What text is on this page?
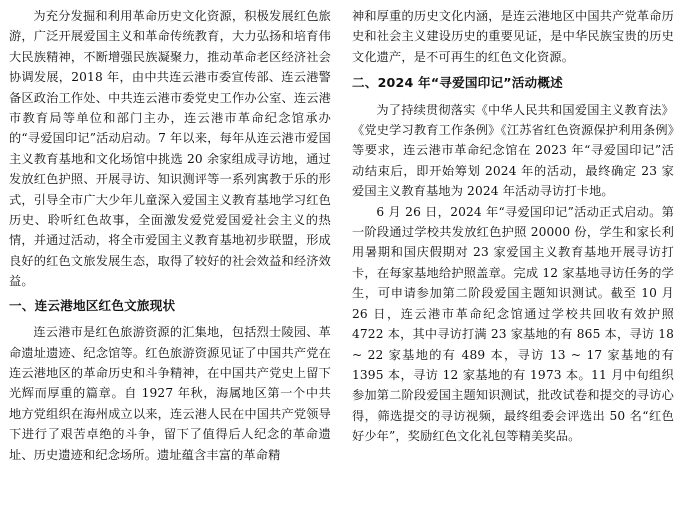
为充分发掘和利用革命历史文化资源，积极发展红色旅游，广泛开展爱国主义和革命传统教育，大力弘扬和培育伟大民族精神，不断增强民族凝聚力，推动革命老区经济社会协调发展，2018 年，由中共连云港市委宣传部、连云港警备区政治工作处、中共连云港市委党史工作办公室、连云港市教育局等单位和部门主办，连云港市革命纪念馆承办的“寻爱国印记”活动启动。7 年以来，每年从连云港市爱国主义教育基地和文化场馆中挑选 20 余家组成寻访地，通过发放红色护照、开展寻访、知识测评等一系列寓教于乐的形式，引导全市广大少年儿童深入爱国主义教育基地学习红色历史、聆听红色故事，全面激发爱党爱国爱社会主义的热情，并通过活动，将全市爱国主义教育基地初步联盟，形成良好的红色文旅发展生态，取得了较好的社会效益和经济效益。

一、连云港地区红色文旅现状

连云港市是红色旅游资源的汇集地，包括烈士陵园、革命遗址遗迹、纪念馆等。红色旅游资源见证了中国共产党在连云港地区的革命历史和斗争精神，在中国共产党史上留下光辉而厚重的篇章。自 1927 年秋，海属地区第一个中共地方党组织在海州成立以来，连云港人民在中国共产党领导下进行了艰苦卓绝的斗争，留下了值得后人纪念的革命遗址、历史遗迹和纪念场所。遗址蕴含丰富的革命精

神和厚重的历史文化内涵，是连云港地区中国共产党革命历史和社会主义建设历史的重要见证，是中华民族宝贵的历史文化遗产，是不可再生的红色文化资源。

二、2024 年“寻爱国印记”活动概述

为了持续贯彻落实《中华人民共和国爱国主义教育法》《党史学习教育工作条例》《江苏省红色资源保护利用条例》等要求，连云港市革命纪念馆在 2023 年“寻爱国印记”活动结束后，即开始筹划 2024 年的活动，最终确定 23 家爱国主义教育基地为 2024 年活动寻访打卡地。

6 月 26 日，2024 年“寻爱国印记”活动正式启动。第一阶段通过学校共发放红色护照 20000 份，学生和家长利用暑期和国庆假期对 23 家爱国主义教育基地开展寻访打卡，在每家基地给护照盖章。完成 12 家基地寻访任务的学生，可申请参加第二阶段爱国主题知识测试。截至 10 月 26 日，连云港市革命纪念馆通过学校共回收有效护照 4722 本，其中寻访打满 23 家基地的有 865 本，寻访 18 ~ 22 家基地的有 489 本，寻访 13 ~ 17 家基地的有 1395 本，寻访 12 家基地的有 1973 本。11 月中旬组织参加第二阶段爱国主题知识测试，批改试卷和提交的寻访心得，筛选提交的寻访视频，最终组委会评选出 50 名“红色好少年”，奖励红色文化礼包等精美奖品。
